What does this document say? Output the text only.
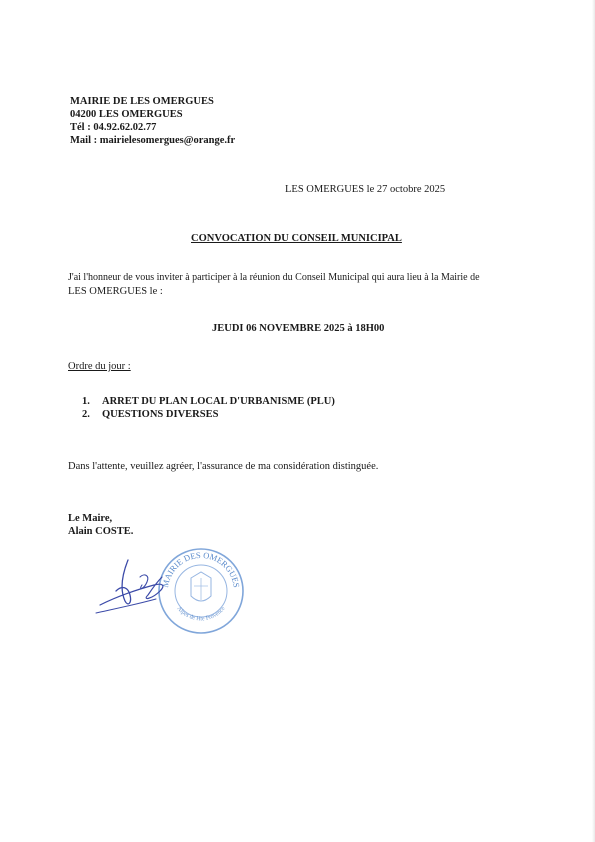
MAIRIE DE LES OMERGUES
04200 LES OMERGUES
Tél : 04.92.62.02.77
Mail : mairielesomergues@orange.fr
LES OMERGUES le 27 octobre 2025
CONVOCATION DU CONSEIL MUNICIPAL
J'ai l'honneur de vous inviter à participer à la réunion du Conseil Municipal qui aura lieu à la Mairie de
LES OMERGUES le :
JEUDI 06 NOVEMBRE 2025 à 18H00
Ordre du jour :
1. ARRET DU PLAN LOCAL D'URBANISME (PLU)
2. QUESTIONS DIVERSES
Dans l'attente, veuillez agréer, l'assurance de ma considération distinguée.
Le Maire,
Alain COSTE.
MAIRIE DES OMERGUES
Alpes de Hte Provence
